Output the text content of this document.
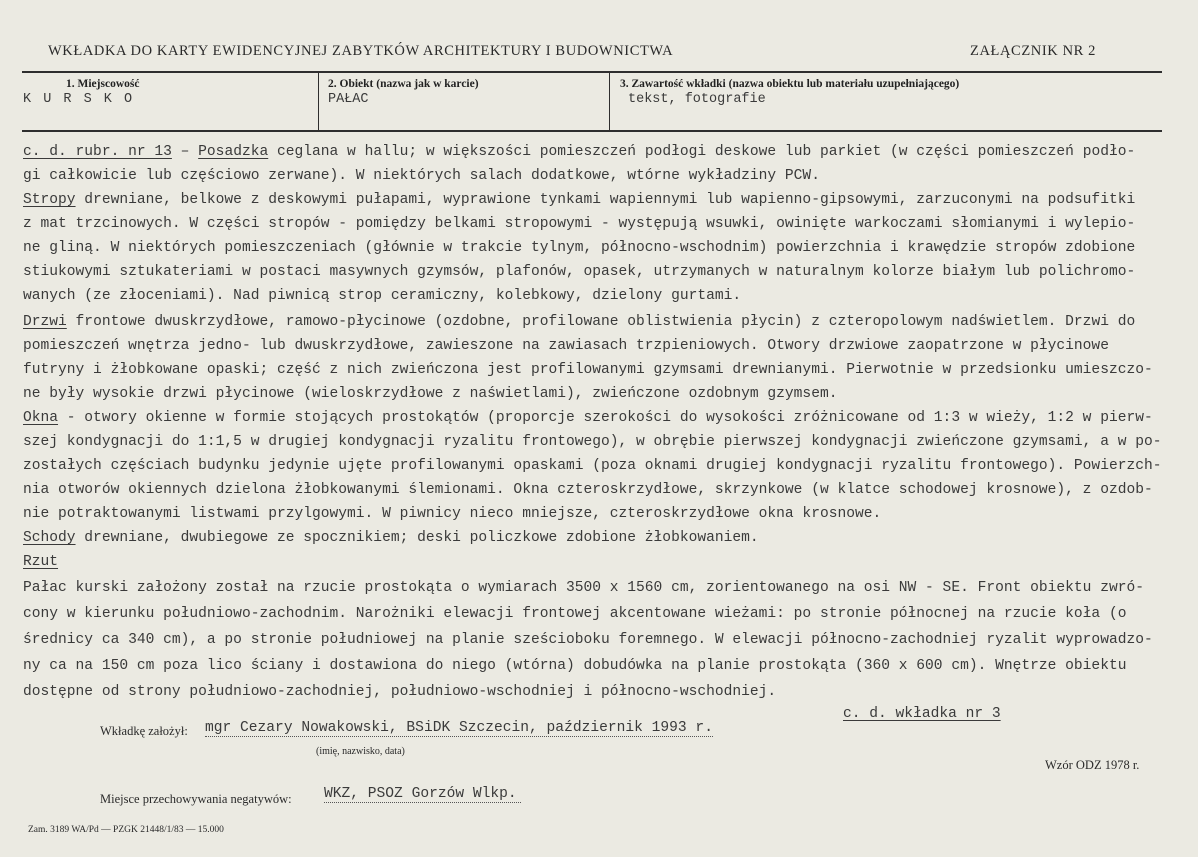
WKŁADKA DO KARTY EWIDENCYJNEJ ZABYTKÓW ARCHITEKTURY I BUDOWNICTWA	ZAŁĄCZNIK NR 2
1. Miejscowość
K U R S K O
2. Obiekt (nazwa jak w karcie)
PAŁAC
3. Zawartość wkładki (nazwa obiektu lub materiału uzupełniającego)
tekst, fotografie
c. d. rubr. nr 13 – Posadzka ceglana w hallu; w większości pomieszczeń podłogi deskowe lub parkiet (w części pomieszczeń podło-
gi całkowicie lub częściowo zerwane). W niektórych salach dodatkowe, wtórne wykładziny PCW.
Stropy drewniane, belkowe z deskowymi pułapami, wyprawione tynkami wapiennymi lub wapienno-gipsowymi, zarzuconymi na podsufitki
z mat trzcinowych. W części stropów - pomiędzy belkami stropowymi - występują wsuwki, owinięte warkoczami słomianymi i wylepio-
ne gliną. W niektórych pomieszczeniach (głównie w trakcie tylnym, północno-wschodnim) powierzchnia i krawędzie stropów zdobione
stiukowymi sztukateriami w postaci masywnych gzymsów, plafonów, opasek, utrzymanych w naturalnym kolorze białym lub polichromo-
wanych (ze złoceniami). Nad piwnicą strop ceramiczny, kolebkowy, dzielony gurtami.
Drzwi frontowe dwuskrzydłowe, ramowo-płycinowe (ozdobne, profilowane oblistwienia płycin) z czteropolowym nadświetlem. Drzwi do
pomieszczeń wnętrza jedno- lub dwuskrzydłowe, zawieszone na zawiasach trzpieniowych. Otwory drzwiowe zaopatrzone w płycinowe
futryny i żłobkowane opaski; część z nich zwieńczona jest profilowanymi gzymsami drewnianymi. Pierwotnie w przedsionku umieszczo-
ne były wysokie drzwi płycinowe (wieloskrzydłowe z naświetlami), zwieńczone ozdobnym gzymsem.
Okna - otwory okienne w formie stojących prostokątów (proporcje szerokości do wysokości zróżnicowane od 1:3 w wieży, 1:2 w pierw-
szej kondygnacji do 1:1,5 w drugiej kondygnacji ryzalitu frontowego), w obrębie pierwszej kondygnacji zwieńczone gzymsami, a w po-
zostałych częściach budynku jedynie ujęte profilowanymi opaskami (poza oknami drugiej kondygnacji ryzalitu frontowego). Powierzch-
nia otworów okiennych dzielona żłobkowanymi ślemionami. Okna czteroskrzydłowe, skrzynkowe (w klatce schodowej krosnowe), z ozdob-
nie potraktowanymi listwami przylgowymi. W piwnicy nieco mniejsze, czteroskrzydłowe okna krosnowe.
Schody drewniane, dwubiegowe ze spocznikiem; deski policzkowe zdobione żłobkowaniem.
Rzut
Pałac kurski założony został na rzucie prostokąta o wymiarach 3500 x 1560 cm, zorientowanego na osi NW - SE. Front obiektu zwró-
cony w kierunku południowo-zachodnim. Narożniki elewacji frontowej akcentowane wieżami: po stronie północnej na rzucie koła (o
średnicy ca 340 cm), a po stronie południowej na planie sześcioboku foremnego. W elewacji północno-zachodniej ryzalit wyprowadzo-
ny ca na 150 cm poza lico ściany i dostawiona do niego (wtórna) dobudówka na planie prostokąta (360 x 600 cm). Wnętrze obiektu
dostępne od strony południowo-zachodniej, południowo-wschodniej i północno-wschodniej.
c. d. wkładka nr 3
Wkładkę założył: mgr Cezary Nowakowski, BSiDK Szczecin, październik 1993 r.
(imię, nazwisko, data)
Wzór ODZ 1978 r.
Miejsce przechowywania negatywów: WKZ, PSOZ Gorzów Wlkp.
Zam. 3189 WA/Pd — PZGK 21448/1/83 — 15.000
